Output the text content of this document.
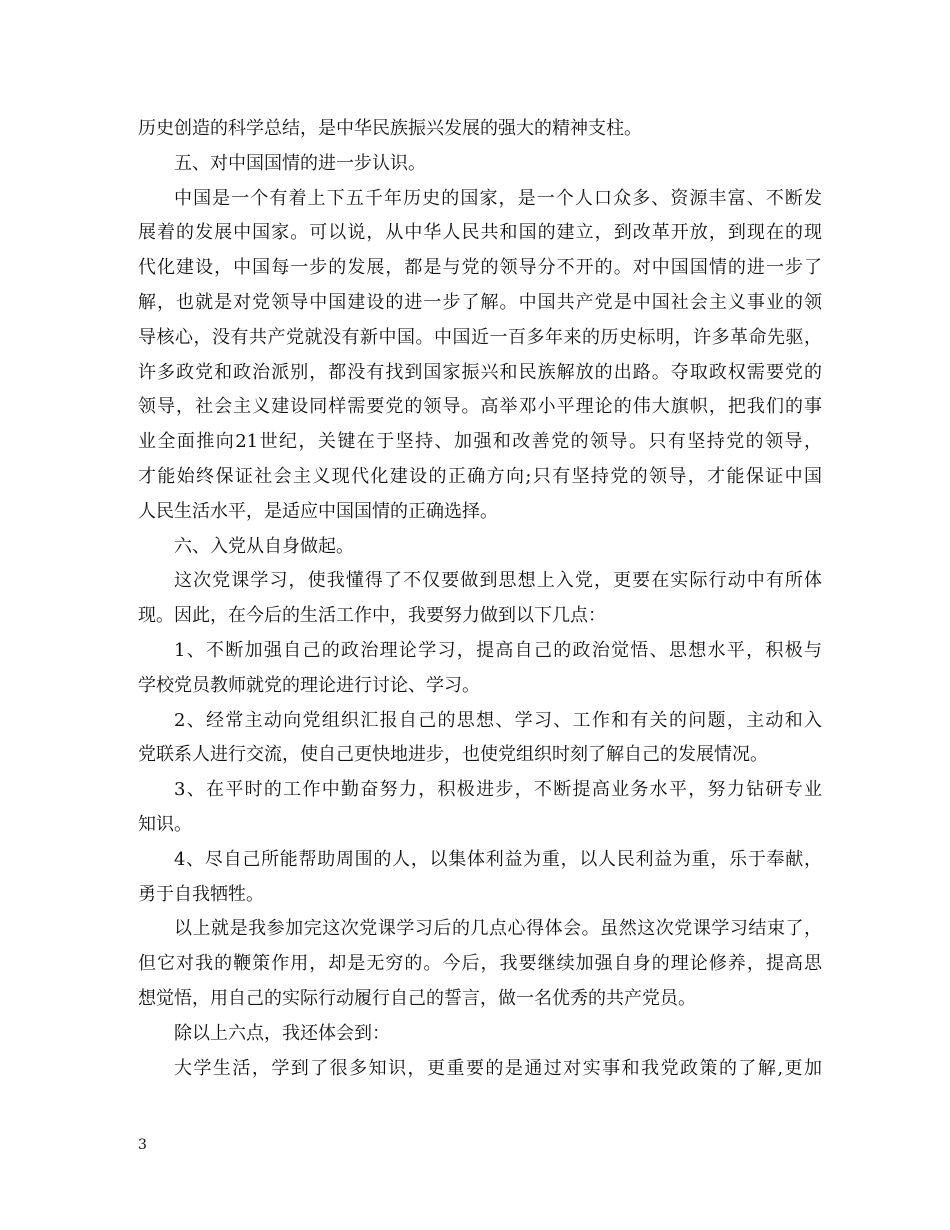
历史创造的科学总结，是中华民族振兴发展的强大的精神支柱。
五、对中国国情的进一步认识。
中国是一个有着上下五千年历史的国家，是一个人口众多、资源丰富、不断发
展着的发展中国家。可以说，从中华人民共和国的建立，到改革开放，到现在的现
代化建设，中国每一步的发展，都是与党的领导分不开的。对中国国情的进一步了
解，也就是对党领导中国建设的进一步了解。中国共产党是中国社会主义事业的领
导核心，没有共产党就没有新中国。中国近一百多年来的历史标明，许多革命先驱，
许多政党和政治派别，都没有找到国家振兴和民族解放的出路。夺取政权需要党的
领导，社会主义建设同样需要党的领导。高举邓小平理论的伟大旗帜，把我们的事
业全面推向21世纪，关键在于坚持、加强和改善党的领导。只有坚持党的领导，
才能始终保证社会主义现代化建设的正确方向;只有坚持党的领导，才能保证中国
人民生活水平，是适应中国国情的正确选择。
六、入党从自身做起。
这次党课学习，使我懂得了不仅要做到思想上入党，更要在实际行动中有所体
现。因此，在今后的生活工作中，我要努力做到以下几点：
1、不断加强自己的政治理论学习，提高自己的政治觉悟、思想水平，积极与
学校党员教师就党的理论进行讨论、学习。
2、经常主动向党组织汇报自己的思想、学习、工作和有关的问题，主动和入
党联系人进行交流，使自己更快地进步，也使党组织时刻了解自己的发展情况。
3、在平时的工作中勤奋努力，积极进步，不断提高业务水平，努力钻研专业
知识。
4、尽自己所能帮助周围的人，以集体利益为重，以人民利益为重，乐于奉献，
勇于自我牺牲。
以上就是我参加完这次党课学习后的几点心得体会。虽然这次党课学习结束了，
但它对我的鞭策作用，却是无穷的。今后，我要继续加强自身的理论修养，提高思
想觉悟，用自己的实际行动履行自己的誓言，做一名优秀的共产党员。
除以上六点，我还体会到：
大学生活，学到了很多知识，更重要的是通过对实事和我党政策的了解,更加
3
